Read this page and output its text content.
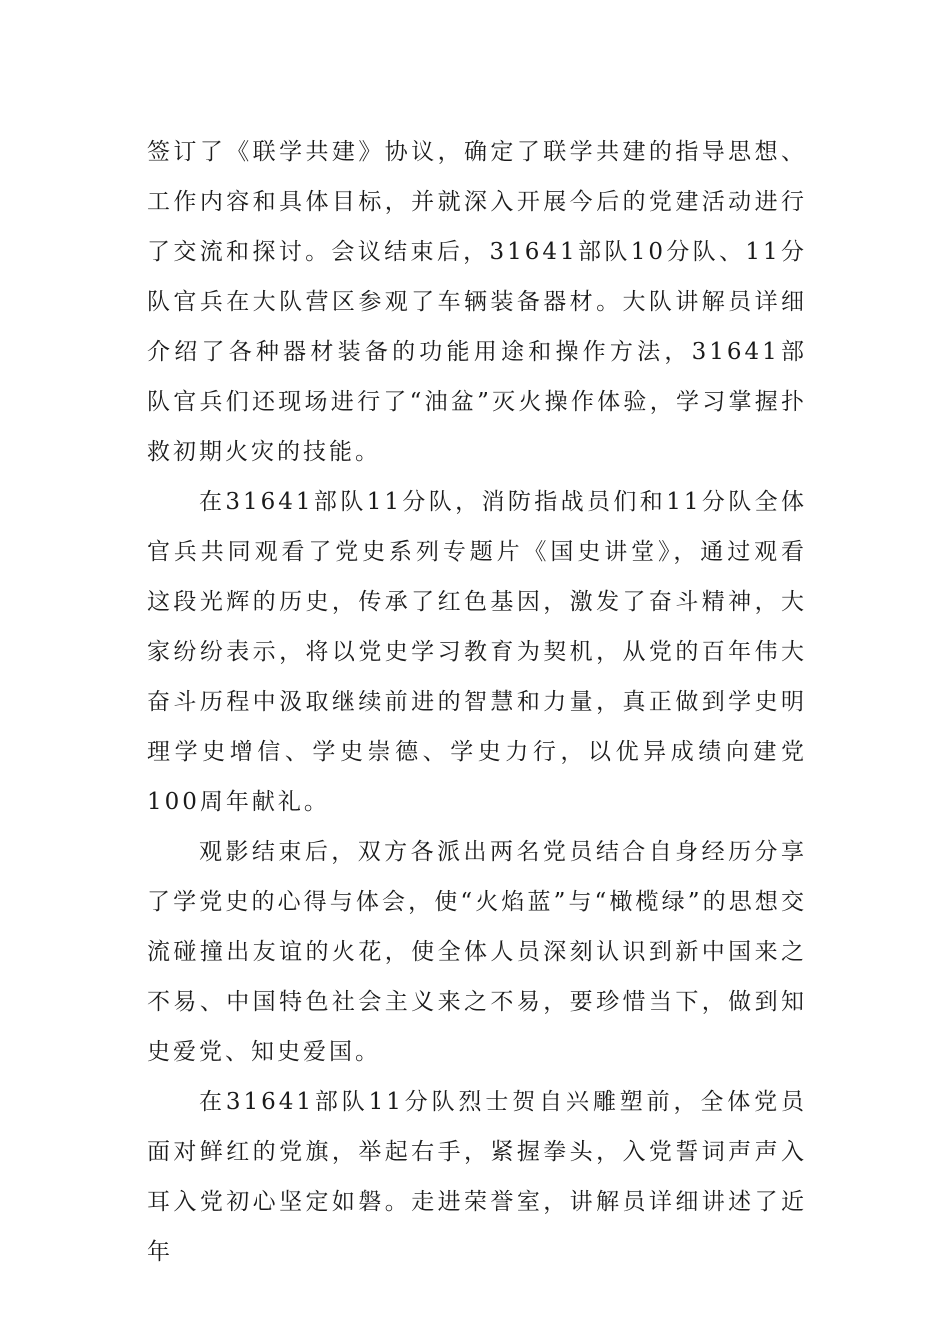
签订了《联学共建》协议，确定了联学共建的指导思想、工作内容和具体目标，并就深入开展今后的党建活动进行了交流和探讨。会议结束后，31641部队10分队、11分队官兵在大队营区参观了车辆装备器材。大队讲解员详细介绍了各种器材装备的功能用途和操作方法，31641部队官兵们还现场进行了“油盆”灭火操作体验，学习掌握扑救初期火灾的技能。

在31641部队11分队，消防指战员们和11分队全体官兵共同观看了党史系列专题片《国史讲堂》，通过观看这段光辉的历史，传承了红色基因，激发了奋斗精神，大家纷纷表示，将以党史学习教育为契机，从党的百年伟大奋斗历程中汲取继续前进的智慧和力量，真正做到学史明理学史增信、学史崇德、学史力行，以优异成绩向建党100周年献礼。

观影结束后，双方各派出两名党员结合自身经历分享了学党史的心得与体会，使“火焰蓝”与“橄榄绿”的思想交流碰撞出友谊的火花，使全体人员深刻认识到新中国来之不易、中国特色社会主义来之不易，要珍惜当下，做到知史爱党、知史爱国。

在31641部队11分队烈士贺自兴雕塑前，全体党员面对鲜红的党旗，举起右手，紧握拳头，入党誓词声声入耳入党初心坚定如磐。走进荣誉室，讲解员详细讲述了近年
